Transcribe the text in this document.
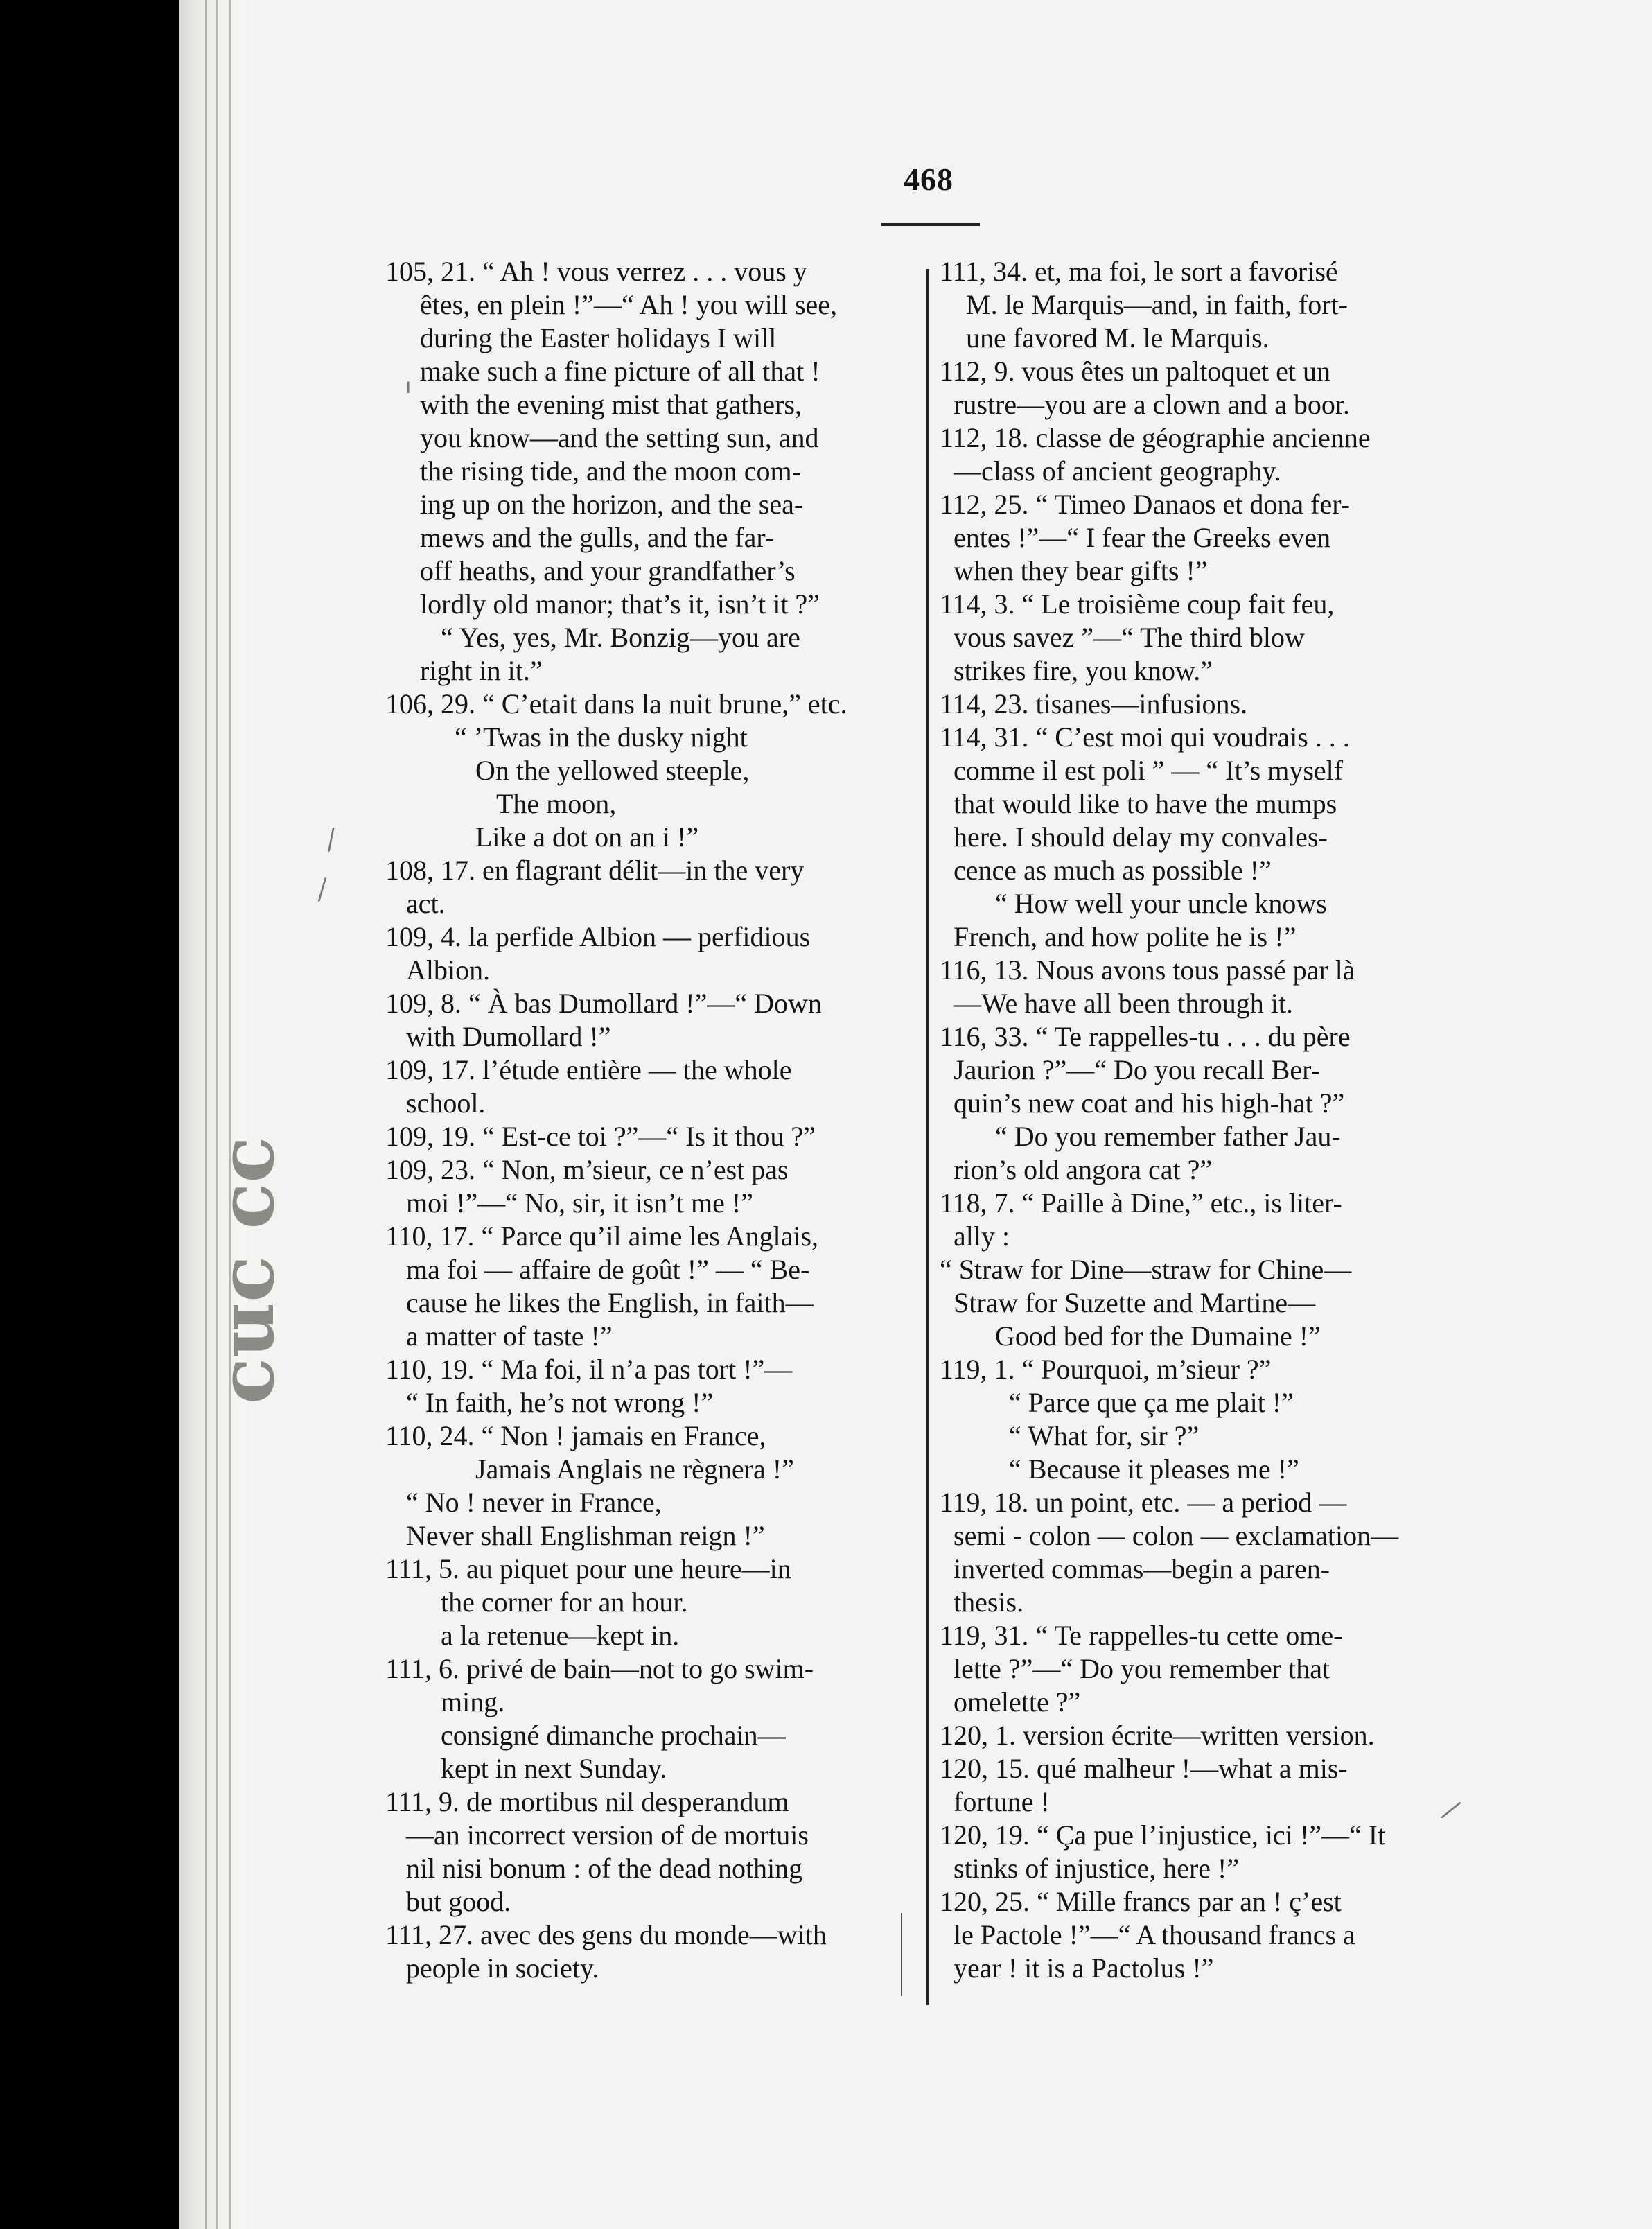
468
⁄
⁄
⁄
ı
105, 21. “ Ah ! vous verrez . . . vous y
êtes, en plein !”—“ Ah ! you will see,
during the Easter holidays I will
make such a fine picture of all that !
with the evening mist that gathers,
you know—and the setting sun, and
the rising tide, and the moon com-
ing up on the horizon, and the sea-
mews and the gulls, and the far-
off heaths, and your grandfather’s
lordly old manor; that’s it, isn’t it ?”
“ Yes, yes, Mr. Bonzig—you are
right in it.”
106, 29. “ C’etait dans la nuit brune,” etc.
“ ’Twas in the dusky night
On the yellowed steeple,
The moon,
Like a dot on an i !”
108, 17. en flagrant délit—in the very
act.
109, 4. la perfide Albion — perfidious
Albion.
109, 8. “ À bas Dumollard !”—“ Down
with Dumollard !”
109, 17. l’étude entière — the whole
school.
109, 19. “ Est-ce toi ?”—“ Is it thou ?”
109, 23. “ Non, m’sieur, ce n’est pas
moi !”—“ No, sir, it isn’t me !”
110, 17. “ Parce qu’il aime les Anglais,
ma foi — affaire de goût !” — “ Be-
cause he likes the English, in faith—
a matter of taste !”
110, 19. “ Ma foi, il n’a pas tort !”—
“ In faith, he’s not wrong !”
110, 24. “ Non ! jamais en France,
Jamais Anglais ne règnera !”
“ No ! never in France,
Never shall Englishman reign !”
111, 5. au piquet pour une heure—in
the corner for an hour.
a la retenue—kept in.
111, 6. privé de bain—not to go swim-
ming.
consigné dimanche prochain—
kept in next Sunday.
111, 9. de mortibus nil desperandum
—an incorrect version of de mortuis
nil nisi bonum : of the dead nothing
but good.
111, 27. avec des gens du monde—with
people in society.
111, 34. et, ma foi, le sort a favorisé
M. le Marquis—and, in faith, fort-
une favored M. le Marquis.
112, 9. vous êtes un paltoquet et un
rustre—you are a clown and a boor.
112, 18. classe de géographie ancienne
—class of ancient geography.
112, 25. “ Timeo Danaos et dona fer-
entes !”—“ I fear the Greeks even
when they bear gifts !”
114, 3. “ Le troisième coup fait feu,
vous savez ”—“ The third blow
strikes fire, you know.”
114, 23. tisanes—infusions.
114, 31. “ C’est moi qui voudrais . . .
comme il est poli ” — “ It’s myself
that would like to have the mumps
here. I should delay my convales-
cence as much as possible !”
“ How well your uncle knows
French, and how polite he is !”
116, 13. Nous avons tous passé par là
—We have all been through it.
116, 33. “ Te rappelles-tu . . . du père
Jaurion ?”—“ Do you recall Ber-
quin’s new coat and his high-hat ?”
“ Do you remember father Jau-
rion’s old angora cat ?”
118, 7. “ Paille à Dine,” etc., is liter-
ally :
“ Straw for Dine—straw for Chine—
Straw for Suzette and Martine—
Good bed for the Dumaine !”
119, 1. “ Pourquoi, m’sieur ?”
“ Parce que ça me plait !”
“ What for, sir ?”
“ Because it pleases me !”
119, 18. un point, etc. — a period —
semi - colon — colon — exclamation—
inverted commas—begin a paren-
thesis.
119, 31. “ Te rappelles-tu cette ome-
lette ?”—“ Do you remember that
omelette ?”
120, 1. version écrite—written version.
120, 15. qué malheur !—what a mis-
fortune !
120, 19. “ Ça pue l’injustice, ici !”—“ It
stinks of injustice, here !”
120, 25. “ Mille francs par an ! ç’est
le Pactole !”—“ A thousand francs a
year ! it is a Pactolus !”
